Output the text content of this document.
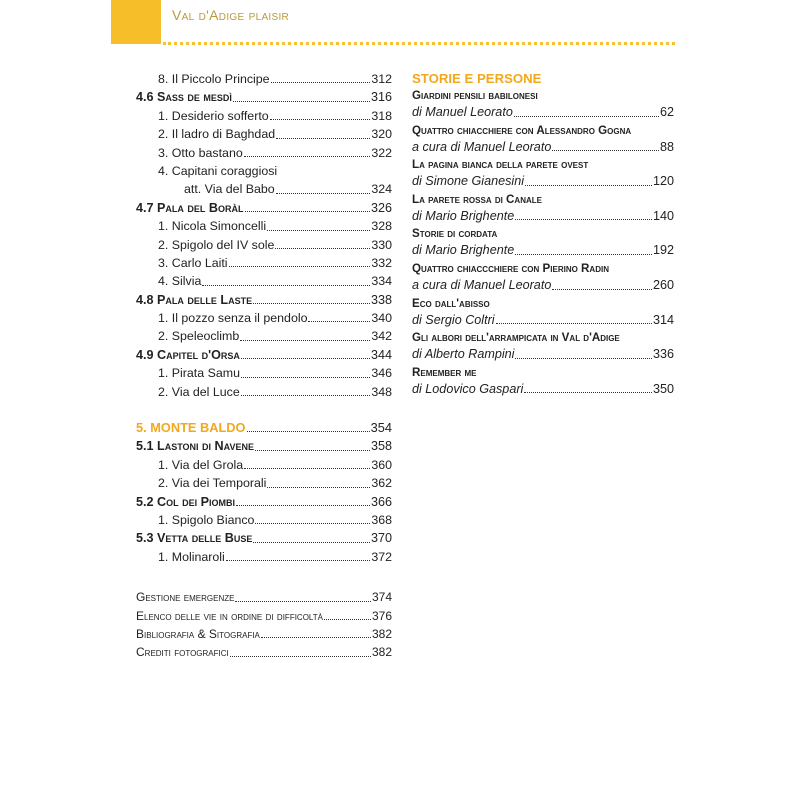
Val d'Adige plaisir
8. Il Piccolo Principe	312
4.6 Sass de mesdì	316
1. Desiderio sofferto	318
2. Il ladro di Baghdad	320
3. Otto bastano	322
4. Capitani coraggiosi
att. Via del Babo	324
4.7 Pala del Boràl	326
1. Nicola Simoncelli	328
2. Spigolo del IV sole	330
3. Carlo Laiti	332
4. Silvia	334
4.8 Pala delle Laste	338
1. Il pozzo senza il pendolo	340
2. Speleoclimb	342
4.9 Capitel d'Orsa	344
1. Pirata Samu	346
2. Via del Luce	348
5. MONTE BALDO	354
5.1 Lastoni di Navene	358
1. Via del Grola	360
2. Via dei Temporali	362
5.2 Col dei Piombi	366
1. Spigolo Bianco	368
5.3 Vetta delle Buse	370
1. Molinaroli	372
Gestione emergenze	374
Elenco delle vie in ordine di difficoltà	376
Bibliografia & Sitografia	382
Crediti fotografici	382
STORIE E PERSONE
Giardini pensili babilonesi
di Manuel Leorato	62
Quattro chiacchiere con Alessandro Gogna
a cura di Manuel Leorato	88
La pagina bianca della parete ovest
di Simone Gianesini	120
La parete rossa di Canale
di Mario Brighente	140
Storie di cordata
di Mario Brighente	192
Quattro chiaccchiere con Pierino Radin
a cura di Manuel Leorato	260
Eco dall'abisso
di Sergio Coltri	314
Gli albori dell'arrampicata in Val d'Adige
di Alberto Rampini	336
Remember me
di Lodovico Gaspari	350
